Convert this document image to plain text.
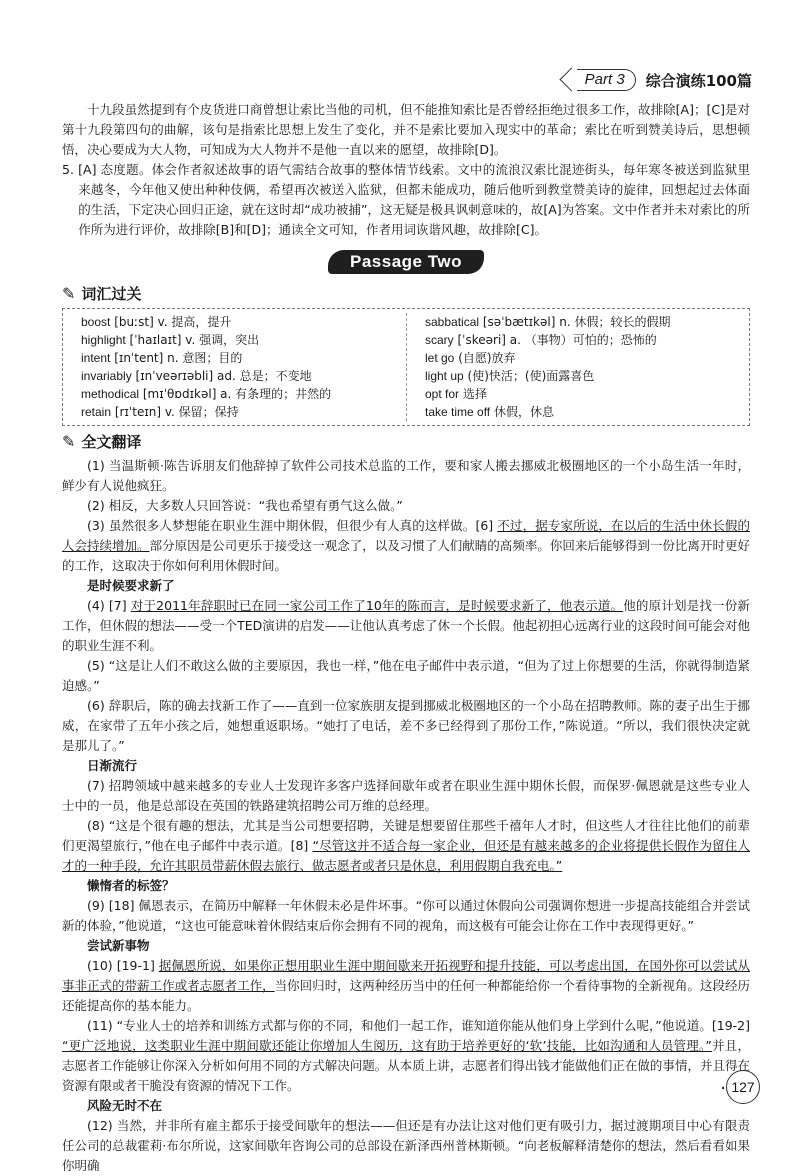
Part 3	综合演练100篇

十九段虽然提到有个皮货进口商曾想让索比当他的司机，但不能推知索比是否曾经拒绝过很多工作，故排除[A]；[C]是对第十九段第四句的曲解，该句是指索比思想上发生了变化，并不是索比要加入现实中的革命；索比在听到赞美诗后，思想顿悟，决心要成为大人物，可知成为大人物并不是他一直以来的愿望，故排除[D]。

5. [A] 态度题。体会作者叙述故事的语气需结合故事的整体情节线索。文中的流浪汉索比混迹街头，每年寒冬被送到监狱里来越冬，今年他又使出种种伎俩，希望再次被送入监狱，但都未能成功，随后他听到教堂赞美诗的旋律，回想起过去体面的生活，下定决心回归正途，就在这时却“成功被捕”，这无疑是极具讽刺意味的，故[A]为答案。文中作者并未对索比的所作所为进行评价，故排除[B]和[D]；通读全文可知，作者用词诙谐风趣，故排除[C]。

Passage Two
✎ 词汇过关
boost [buːst] v. 提高，提升
highlight [ˈhaɪlaɪt] v. 强调，突出
intent [ɪnˈtent] n. 意图；目的
invariably [ɪnˈveərɪəbli] ad. 总是；不变地
methodical [mɪˈθɒdɪkəl] a. 有条理的；井然的
retain [rɪˈteɪn] v. 保留；保持
sabbatical [səˈbætɪkəl] n. 休假；较长的假期
scary [ˈskeəri] a. （事物）可怕的；恐怖的
let go (自愿)放弃
light up (使)快活；(使)面露喜色
opt for 选择
take time off 休假，休息
✎ 全文翻译

(1) 当温斯顿·陈告诉朋友们他辞掉了软件公司技术总监的工作，要和家人搬去挪威北极圈地区的一个小岛生活一年时，鲜少有人说他疯狂。

(2) 相反，大多数人只回答说：“我也希望有勇气这么做。”

(3) 虽然很多人梦想能在职业生涯中期休假，但很少有人真的这样做。[6] 不过，据专家所说，在以后的生活中休长假的人会持续增加。部分原因是公司更乐于接受这一观念了，以及习惯了人们献睛的高频率。你回来后能够得到一份比离开时更好的工作，这取决于你如何利用休假时间。

是时候要求新了

(4) [7] 对于2011年辞职时已在同一家公司工作了10年的陈而言，是时候要求新了，他表示道。他的原计划是找一份新工作，但休假的想法——受一个TED演讲的启发——让他认真考虑了休一个长假。他起初担心远离行业的这段时间可能会对他的职业生涯不利。

(5) “这是让人们不敢这么做的主要原因，我也一样，”他在电子邮件中表示道，“但为了过上你想要的生活，你就得制造紧迫感。”

(6) 辞职后，陈的确去找新工作了——直到一位家族朋友提到挪威北极圈地区的一个小岛在招聘教师。陈的妻子出生于挪威，在家带了五年小孩之后，她想重返职场。“她打了电话，差不多已经得到了那份工作，”陈说道。“所以，我们很快决定就是那儿了。”

日渐流行

(7) 招聘领域中越来越多的专业人士发现许多客户选择间歇年或者在职业生涯中期休长假，而保罗·佩恩就是这些专业人士中的一员，他是总部设在英国的铁路建筑招聘公司万维的总经理。

(8) “这是个很有趣的想法，尤其是当公司想要招聘，关键是想要留住那些千禧年人才时，但这些人才往往比他们的前辈们更渴望旅行，”他在电子邮件中表示道。[8] “尽管这并不适合每一家企业，但还是有越来越多的企业将提供长假作为留住人才的一种手段，允许其职员带薪休假去旅行、做志愿者或者只是休息，利用假期自我充电。”

懒惰者的标签？

(9) [18] 佩恩表示，在简历中解释一年休假未必是件坏事。“你可以通过休假向公司强调你想进一步提高技能组合并尝试新的体验，”他说道，“这也可能意味着休假结束后你会拥有不同的视角，而这极有可能会让你在工作中表现得更好。”

尝试新事物

(10) [19-1] 据佩恩所说，如果你正想用职业生涯中期间歇来开拓视野和提升技能，可以考虑出国，在国外你可以尝试从事非正式的带薪工作或者志愿者工作，当你回归时，这两种经历当中的任何一种都能给你一个看待事物的全新视角。这段经历还能提高你的基本能力。

(11) “专业人士的培养和训练方式都与你的不同，和他们一起工作，谁知道你能从他们身上学到什么呢，”他说道。[19-2] “更广泛地说，这类职业生涯中期间歇还能让你增加人生阅历，这有助于培养更好的‘软’技能，比如沟通和人员管理。”并且，志愿者工作能够让你深入分析如何用不同的方式解决问题。从本质上讲，志愿者们得出钱才能做他们正在做的事情，并且得在资源有限或者干脆没有资源的情况下工作。

风险无时不在

(12) 当然，并非所有雇主都乐于接受间歇年的想法——但还是有办法让这对他们更有吸引力，据过渡期项目中心有限责任公司的总裁霍莉·布尔所说，这家间歇年咨询公司的总部设在新泽西州普林斯顿。“向老板解释清楚你的想法，然后看看如果你明确

· 127
